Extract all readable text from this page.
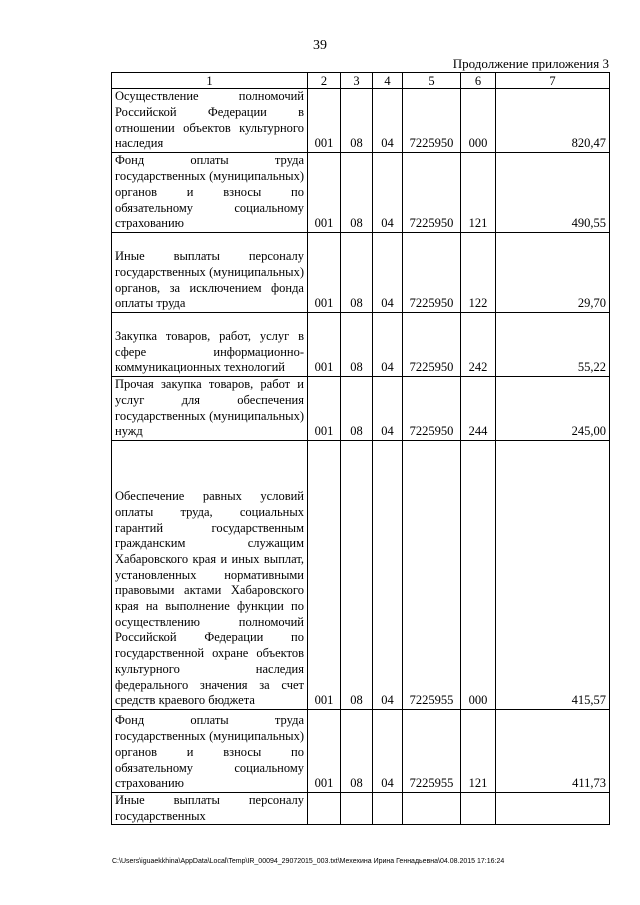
39
Продолжение приложения 3
1	2	3	4	5	6	7
Осуществление полномочий Российской Федерации в отношении объектов культурного наследия	001	08	04	7225950	000	820,47
Фонд оплаты труда государственных (муниципальных) органов и взносы по обязательному социальному страхованию	001	08	04	7225950	121	490,55
Иные выплаты персоналу государственных (муниципальных) органов, за исключением фонда оплаты труда	001	08	04	7225950	122	29,70
Закупка товаров, работ, услуг в сфере информационно-коммуникационных технологий	001	08	04	7225950	242	55,22
Прочая закупка товаров, работ и услуг для обеспечения государственных (муниципальных) нужд	001	08	04	7225950	244	245,00
Обеспечение равных условий оплаты труда, социальных гарантий государственным гражданским служащим Хабаровского края и иных выплат, установленных нормативными правовыми актами Хабаровского края на выполнение функции по осуществлению полномочий Российской Федерации по государственной охране объектов культурного наследия федерального значения за счет средств краевого бюджета	001	08	04	7225955	000	415,57
Фонд оплаты труда государственных (муниципальных) органов и взносы по обязательному социальному страхованию	001	08	04	7225955	121	411,73
Иные выплаты персоналу государственных						
C:\Users\iguaekkhina\AppData\Local\Temp\IR_00094_29072015_003.txt\Мехехина Ирина Геннадьевна\04.08.2015 17:16:24
